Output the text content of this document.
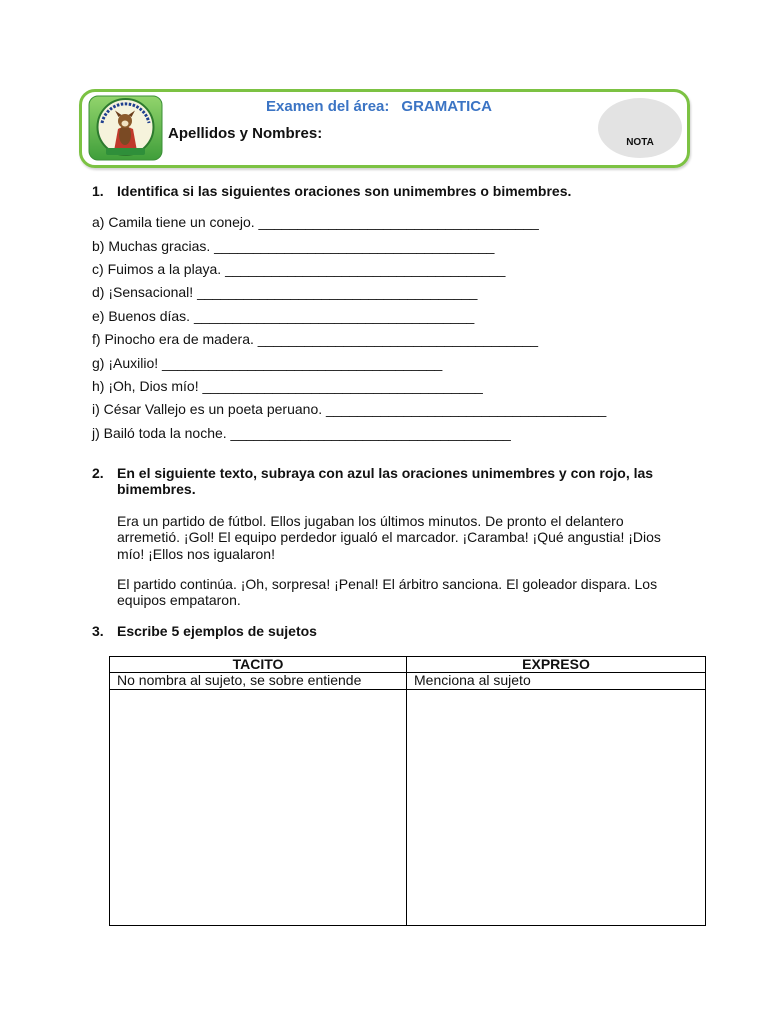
Examen del área: GRAMATICA
Apellidos y Nombres:
NOTA
1. Identifica si las siguientes oraciones son unimembres o bimembres.
a) Camila tiene un conejo. ____________________________________
b) Muchas gracias. ____________________________________
c) Fuimos a la playa. ____________________________________
d) ¡Sensacional! ____________________________________
e) Buenos días. ____________________________________
f) Pinocho era de madera. ____________________________________
g) ¡Auxilio! ____________________________________
h) ¡Oh, Dios mío! ____________________________________
i) César Vallejo es un poeta peruano. ____________________________________
j) Bailó toda la noche. ____________________________________
2. En el siguiente texto, subraya con azul las oraciones unimembres y con rojo, las bimembres.

Era un partido de fútbol. Ellos jugaban los últimos minutos. De pronto el delantero arremetió. ¡Gol! El equipo perdedor igualó el marcador. ¡Caramba! ¡Qué angustia! ¡Dios mío! ¡Ellos nos igualaron!

El partido continúa. ¡Oh, sorpresa! ¡Penal! El árbitro sanciona. El goleador dispara. Los equipos empataron.

3. Escribe 5 ejemplos de sujetos
TACITO	EXPRESO
No nombra al sujeto, se sobre entiende	Menciona al sujeto
